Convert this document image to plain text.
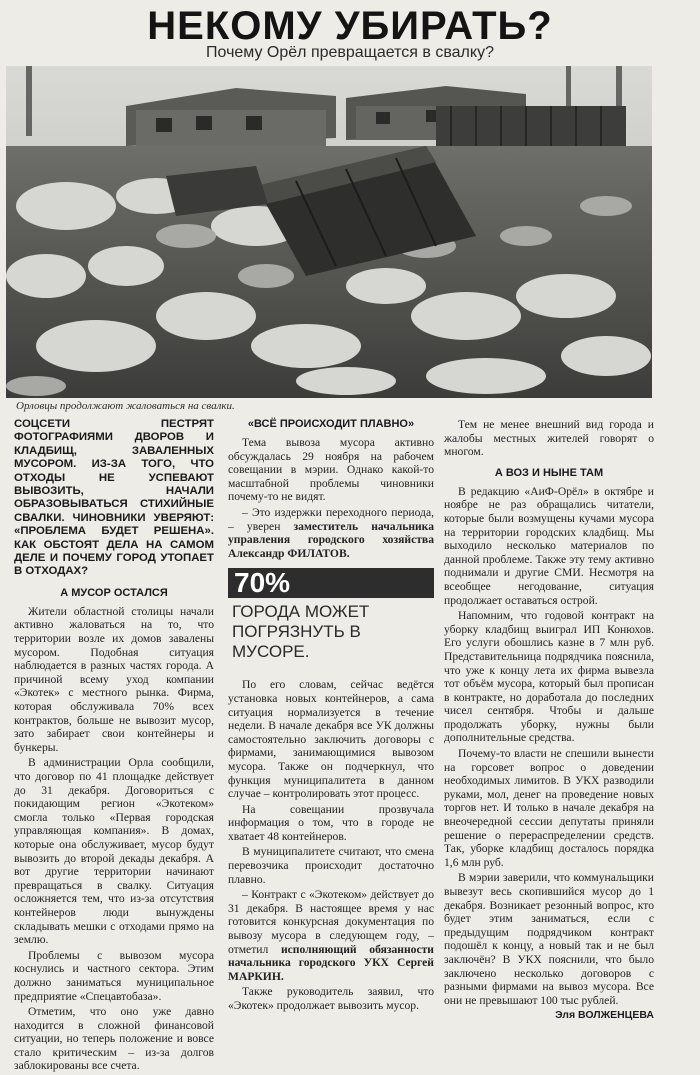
НЕКОМУ УБИРАТЬ?
Почему Орёл превращается в свалку?
Орловцы продолжают жаловаться на свалки.

СОЦСЕТИ ПЕСТРЯТ ФОТОГРАФИЯМИ ДВОРОВ И КЛАДБИЩ, ЗАВАЛЕННЫХ МУСОРОМ. ИЗ-ЗА ТОГО, ЧТО ОТХОДЫ НЕ УСПЕВАЮТ ВЫВОЗИТЬ, НАЧАЛИ ОБРАЗОВЫВАТЬСЯ СТИХИЙНЫЕ СВАЛКИ. ЧИНОВНИКИ УВЕРЯЮТ: «ПРОБЛЕМА БУДЕТ РЕШЕНА». КАК ОБСТОЯТ ДЕЛА НА САМОМ ДЕЛЕ И ПОЧЕМУ ГОРОД УТОПАЕТ В ОТХОДАХ?

А МУСОР ОСТАЛСЯ

Жители областной столицы начали активно жаловаться на то, что территории возле их домов завалены мусором. Подобная ситуация наблюдается в разных частях города. А причиной всему уход компании «Экотек» с местного рынка. Фирма, которая обслуживала 70% всех контрактов, больше не вывозит мусор, зато забирает свои контейнеры и бункеры.

В администрации Орла сообщили, что договор по 41 площадке действует до 31 декабря. Договориться с покидающим регион «Экотеком» смогла только «Первая городская управляющая компания». В домах, которые она обслуживает, мусор будут вывозить до второй декады декабря. А вот другие территории начинают превращаться в свалку. Ситуация осложняется тем, что из-за отсутствия контейнеров люди вынуждены складывать мешки с отходами прямо на землю.

Проблемы с вывозом мусора коснулись и частного сектора. Этим должно заниматься муниципальное предприятие «Спецавтобаза».

Отметим, что оно уже давно находится в сложной финансовой ситуации, но теперь положение и вовсе стало критическим – из-за долгов заблокированы все счета.

«ВСЁ ПРОИСХОДИТ ПЛАВНО»

Тема вывоза мусора активно обсуждалась 29 ноября на рабочем совещании в мэрии. Однако какой-то масштабной проблемы чиновники почему-то не видят.

– Это издержки переходного периода, – уверен заместитель начальника управления городского хозяйства Александр ФИЛАТОВ.

70%
ГОРОДА МОЖЕТ ПОГРЯЗНУТЬ В МУСОРЕ.

По его словам, сейчас ведётся установка новых контейнеров, а сама ситуация нормализуется в течение недели. В начале декабря все УК должны самостоятельно заключить договоры с фирмами, занимающимися вывозом мусора. Также он подчеркнул, что функция муниципалитета в данном случае – контролировать этот процесс.

На совещании прозвучала информация о том, что в городе не хватает 48 контейнеров.

В муниципалитете считают, что смена перевозчика происходит достаточно плавно.

– Контракт с «Экотеком» действует до 31 декабря. В настоящее время у нас готовится конкурсная документация по вывозу мусора в следующем году, – отметил исполняющий обязанности начальника городского УКХ Сергей МАРКИН.

Также руководитель заявил, что «Экотек» продолжает вывозить мусор.

Тем не менее внешний вид города и жалобы местных жителей говорят о многом.

А ВОЗ И НЫНЕ ТАМ

В редакцию «АиФ-Орёл» в октябре и ноябре не раз обращались читатели, которые были возмущены кучами мусора на территории городских кладбищ. Мы выходило несколько материалов по данной проблеме. Также эту тему активно поднимали и другие СМИ. Несмотря на всеобщее негодование, ситуация продолжает оставаться острой.

Напомним, что годовой контракт на уборку кладбищ выиграл ИП Конюхов. Его услуги обошлись казне в 7 млн руб. Представительница подрядчика пояснила, что уже к концу лета их фирма вывезла тот объём мусора, который был прописан в контракте, но доработала до последних чисел сентября. Чтобы и дальше продолжать уборку, нужны были дополнительные средства.

Почему-то власти не спешили вынести на горсовет вопрос о доведении необходимых лимитов. В УКХ разводили руками, мол, денег на проведение новых торгов нет. И только в начале декабря на внеочередной сессии депутаты приняли решение о перераспределении средств. Так, уборке кладбищ досталось порядка 1,6 млн руб.

В мэрии заверили, что коммунальщики вывезут весь скопившийся мусор до 1 декабря. Возникает резонный вопрос, кто будет этим заниматься, если с предыдущим подрядчиком контракт подошёл к концу, а новый так и не был заключён? В УКХ пояснили, что было заключено несколько договоров с разными фирмами на вывоз мусора. Все они не превышают 100 тыс рублей.

Эля ВОЛЖЕНЦЕВА
